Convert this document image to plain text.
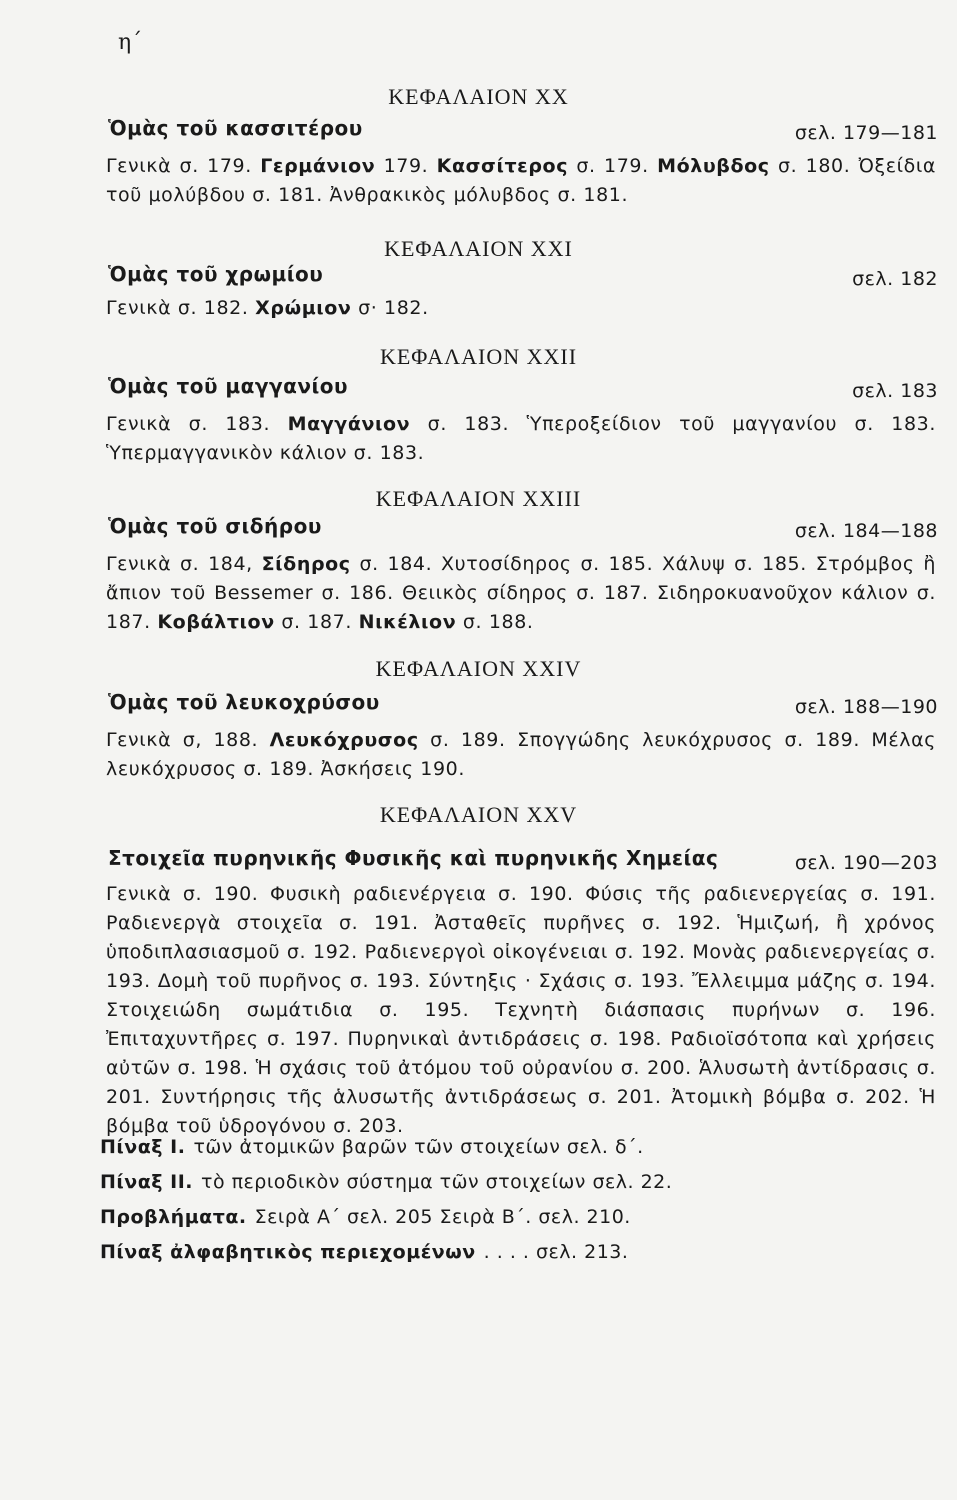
η΄
ΚΕΦΑΛΑΙΟΝ XX
Ὁμὰς τοῦ κασσιτέρου	σελ. 179—181
Γενικὰ σ. 179. Γερμάνιον 179. Κασσίτερος σ. 179. Μόλυβδος σ. 180. Ὀξείδια τοῦ μολύβδου σ. 181. Ἀνθρακικὸς μόλυβδος σ. 181.
ΚΕΦΑΛΑΙΟΝ XXI
Ὁμὰς τοῦ χρωμίου	σελ. 182
Γενικὰ σ. 182. Χρώμιον σ· 182.
ΚΕΦΑΛΑΙΟΝ XXII
Ὁμὰς τοῦ μαγγανίου	σελ. 183
Γενικὰ σ. 183. Μαγγάνιον σ. 183. Ὑπεροξείδιον τοῦ μαγγανίου σ. 183. Ὑπερμαγγανικὸν κάλιον σ. 183.
ΚΕΦΑΛΑΙΟΝ XXIII
Ὁμὰς τοῦ σιδήρου	σελ. 184—188
Γενικὰ σ. 184, Σίδηρος σ. 184. Χυτοσίδηρος σ. 185. Χάλυψ σ. 185. Στρόμβος ἢ ἄπιον τοῦ Bessemer σ. 186. Θειικὸς σίδηρος σ. 187. Σιδηροκυανοῦχον κάλιον σ. 187. Κοβάλτιον σ. 187. Νικέλιον σ. 188.
ΚΕΦΑΛΑΙΟΝ XXIV
Ὁμὰς τοῦ λευκοχρύσου	σελ. 188—190
Γενικὰ σ, 188. Λευκόχρυσος σ. 189. Σπογγώδης λευκόχρυσος σ. 189. Μέλας λευκόχρυσος σ. 189. Ἀσκήσεις 190.
ΚΕΦΑΛΑΙΟΝ XXV
Στοιχεῖα πυρηνικῆς Φυσικῆς καὶ πυρηνικῆς Χημείας	σελ. 190—203
Γενικὰ σ. 190. Φυσικὴ ραδιενέργεια σ. 190. Φύσις τῆς ραδιενεργείας σ. 191. Ραδιενεργὰ στοιχεῖα σ. 191. Ἀσταθεῖς πυρῆνες σ. 192. Ἡμιζωή, ἢ χρόνος ὑποδιπλασιασμοῦ σ. 192. Ραδιενεργοὶ οἰκογένειαι σ. 192. Μονὰς ραδιενεργείας σ. 193. Δομὴ τοῦ πυρῆνος σ. 193. Σύντηξις · Σχάσις σ. 193. Ἔλλειμμα μάζης σ. 194. Στοιχειώδη σωμάτιδια σ. 195. Τεχνητὴ διάσπασις πυρήνων σ. 196. Ἐπιταχυντῆρες σ. 197. Πυρηνικαὶ ἀντιδράσεις σ. 198. Ραδιοϊσότοπα καὶ χρήσεις αὐτῶν σ. 198. Ἡ σχάσις τοῦ ἀτόμου τοῦ οὐρανίου σ. 200. Ἁλυσωτὴ ἀντίδρασις σ. 201. Συντήρησις τῆς ἁλυσωτῆς ἀντιδράσεως σ. 201. Ἀτομικὴ βόμβα σ. 202. Ἡ βόμβα τοῦ ὑδρογόνου σ. 203.
Πίναξ I. τῶν ἀτομικῶν βαρῶν τῶν στοιχείων σελ. δ΄.
Πίναξ II. τὸ περιοδικὸν σύστημα τῶν στοιχείων σελ. 22.
Προβλήματα. Σειρὰ Α΄ σελ. 205 Σειρὰ Β΄. σελ. 210.
Πίναξ ἀλφαβητικὸς περιεχομένων . . . . σελ. 213.
